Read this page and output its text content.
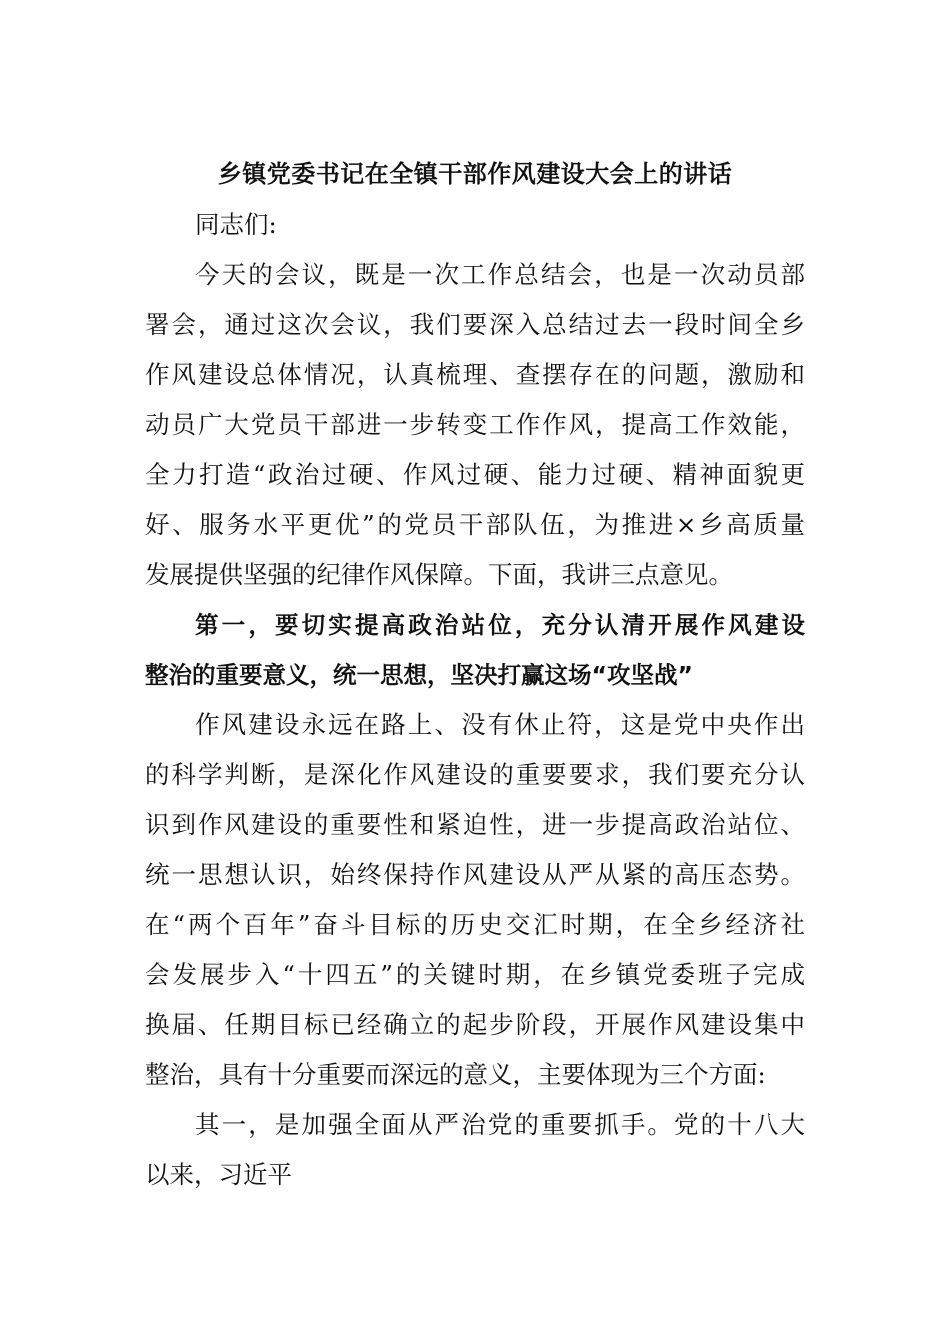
乡镇党委书记在全镇干部作风建设大会上的讲话
同志们:
今天的会议，既是一次工作总结会，也是一次动员部
署会，通过这次会议，我们要深入总结过去一段时间全乡
作风建设总体情况，认真梳理、查摆存在的问题，激励和
动员广大党员干部进一步转变工作作风，提高工作效能，
全力打造“政治过硬、作风过硬、能力过硬、精神面貌更
好、服务水平更优”的党员干部队伍，为推进×乡高质量
发展提供坚强的纪律作风保障。下面，我讲三点意见。
第一，要切实提高政治站位，充分认清开展作风建设
整治的重要意义，统一思想，坚决打赢这场“攻坚战”
作风建设永远在路上、没有休止符，这是党中央作出
的科学判断，是深化作风建设的重要要求，我们要充分认
识到作风建设的重要性和紧迫性，进一步提高政治站位、
统一思想认识，始终保持作风建设从严从紧的高压态势。
在“两个百年”奋斗目标的历史交汇时期，在全乡经济社
会发展步入“十四五”的关键时期，在乡镇党委班子完成
换届、任期目标已经确立的起步阶段，开展作风建设集中
整治，具有十分重要而深远的意义，主要体现为三个方面:
其一，是加强全面从严治党的重要抓手。党的十八大
以来，习近平
